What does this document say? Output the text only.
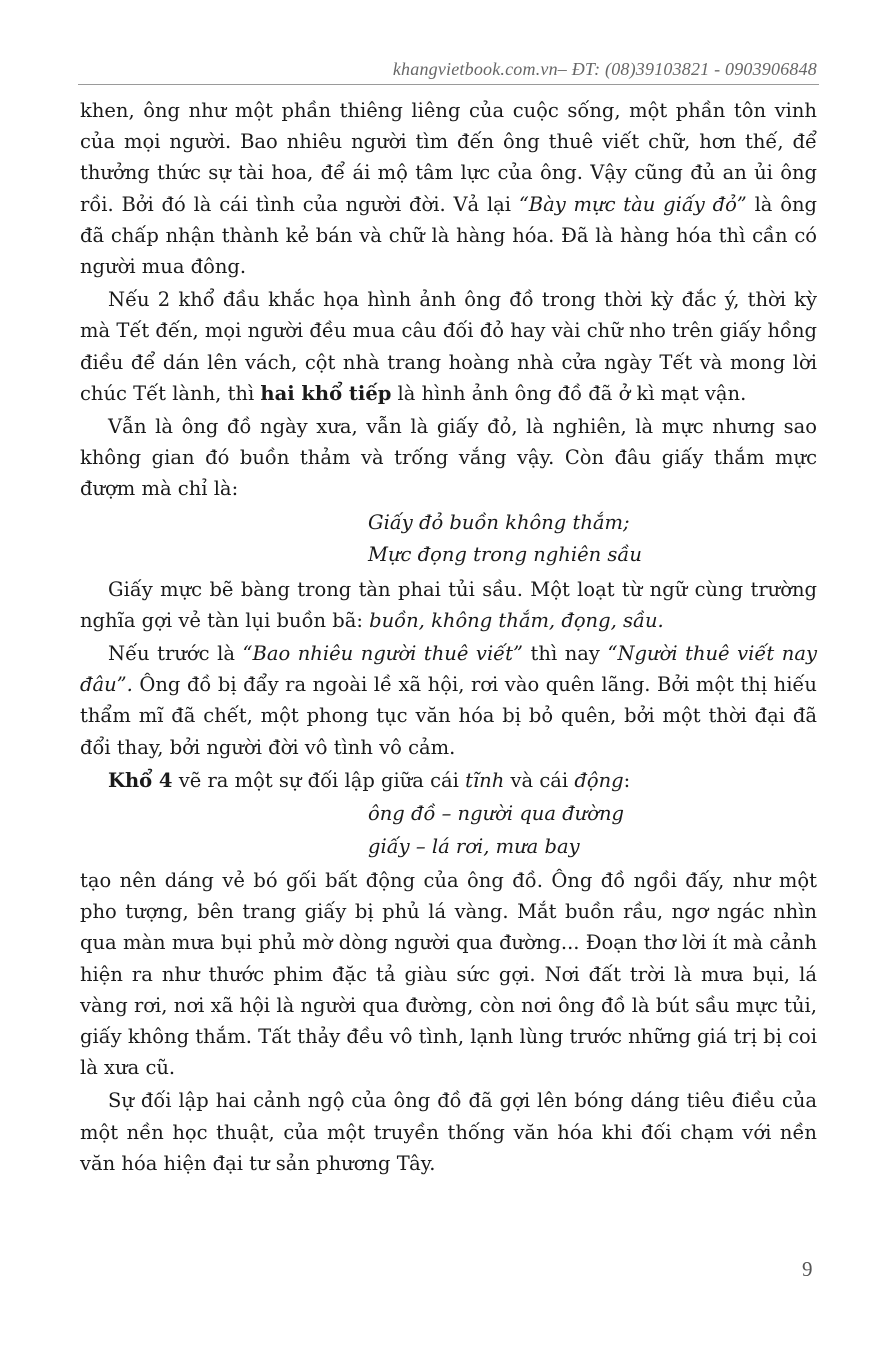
khangvietbook.com.vn– ĐT: (08)39103821 - 0903906848

khen, ông như một phần thiêng liêng của cuộc sống, một phần tôn vinh của mọi người. Bao nhiêu người tìm đến ông thuê viết chữ, hơn thế, để thưởng thức sự tài hoa, để ái mộ tâm lực của ông. Vậy cũng đủ an ủi ông rồi. Bởi đó là cái tình của người đời. Vả lại “Bày mực tàu giấy đỏ” là ông đã chấp nhận thành kẻ bán và chữ là hàng hóa. Đã là hàng hóa thì cần có người mua đông.

Nếu 2 khổ đầu khắc họa hình ảnh ông đồ trong thời kỳ đắc ý, thời kỳ mà Tết đến, mọi người đều mua câu đối đỏ hay vài chữ nho trên giấy hồng điều để dán lên vách, cột nhà trang hoàng nhà cửa ngày Tết và mong lời chúc Tết lành, thì hai khổ tiếp là hình ảnh ông đồ đã ở kì mạt vận.

Vẫn là ông đồ ngày xưa, vẫn là giấy đỏ, là nghiên, là mực nhưng sao không gian đó buồn thảm và trống vắng vậy. Còn đâu giấy thắm mực đượm mà chỉ là:

Giấy đỏ buồn không thắm;

Mực đọng trong nghiên sầu

Giấy mực bẽ bàng trong tàn phai tủi sầu. Một loạt từ ngữ cùng trường nghĩa gợi vẻ tàn lụi buồn bã: buồn, không thắm, đọng, sầu.

Nếu trước là “Bao nhiêu người thuê viết” thì nay “Người thuê viết nay đâu”. Ông đồ bị đẩy ra ngoài lề xã hội, rơi vào quên lãng. Bởi một thị hiếu thẩm mĩ đã chết, một phong tục văn hóa bị bỏ quên, bởi một thời đại đã đổi thay, bởi người đời vô tình vô cảm.

Khổ 4 vẽ ra một sự đối lập giữa cái tĩnh và cái động:

ông đồ – người qua đường

giấy – lá rơi, mưa bay

tạo nên dáng vẻ bó gối bất động của ông đồ. Ông đồ ngồi đấy, như một pho tượng, bên trang giấy bị phủ lá vàng. Mắt buồn rầu, ngơ ngác nhìn qua màn mưa bụi phủ mờ dòng người qua đường... Đoạn thơ lời ít mà cảnh hiện ra như thước phim đặc tả giàu sức gợi. Nơi đất trời là mưa bụi, lá vàng rơi, nơi xã hội là người qua đường, còn nơi ông đồ là bút sầu mực tủi, giấy không thắm. Tất thảy đều vô tình, lạnh lùng trước những giá trị bị coi là xưa cũ.

Sự đối lập hai cảnh ngộ của ông đồ đã gợi lên bóng dáng tiêu điều của một nền học thuật, của một truyền thống văn hóa khi đối chạm với nền văn hóa hiện đại tư sản phương Tây.

9
